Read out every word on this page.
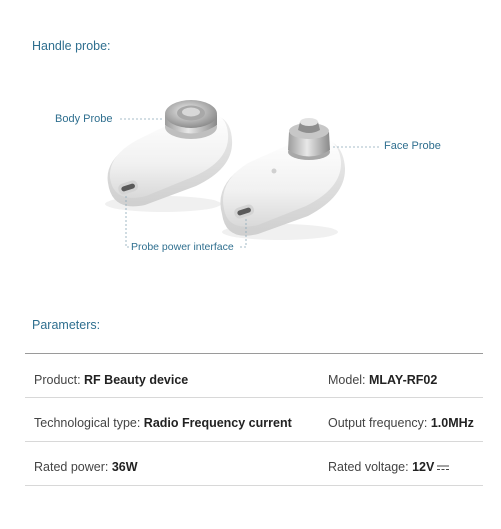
Handle probe:
Body Probe
Face Probe
Probe power interface
Parameters:
Product: RF Beauty device	Model: MLAY-RF02
Technological type: Radio Frequency current	Output frequency: 1.0MHz
Rated power: 36W	Rated voltage: 12V
